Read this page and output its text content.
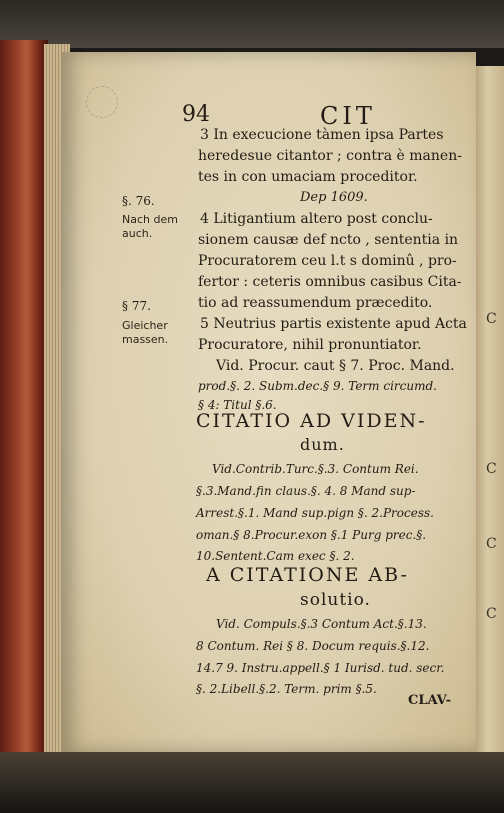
C
C
C
C
94	CIT
3 In execucione tàmen ipsa Partes
heredesue citantor ; contra è manen-
tes in con umaciam proceditor.
Dep 1609.
4 Litigantium altero post conclu-
sionem causæ def ncto , sententia in
Procuratorem ceu l.t s dominû , pro-
fertor : ceteris omnibus casibus Cita-
tio ad reassumendum præcedito.
5 Neutrius partis existente apud Acta
Procuratore, nihil pronuntiator.
Vid. Procur. caut § 7. Proc. Mand.
prod.§. 2. Subm.dec.§ 9. Term circumd.
§ 4: Titul §.6.
§. 76.
Nach dem
auch.
§ 77.
Gleicher
massen.
CITATIO AD VIDEN-
dum.
Vid.Contrib.Turc.§.3. Contum Rei.
§.3.Mand.fin claus.§. 4. 8 Mand sup-
Arrest.§.1. Mand sup.pign §. 2.Process.
oman.§ 8.Procur.exon §.1 Purg prec.§.
10.Sentent.Cam exec §. 2.
A CITATIONE AB-
solutio.
Vid. Compuls.§.3 Contum Act.§.13.
8 Contum. Rei § 8. Docum requis.§.12.
14.7 9. Instru.appell.§ 1 Iurisd. tud. secr.
§. 2.Libell.§.2. Term. prim §.5.
CLAV-
